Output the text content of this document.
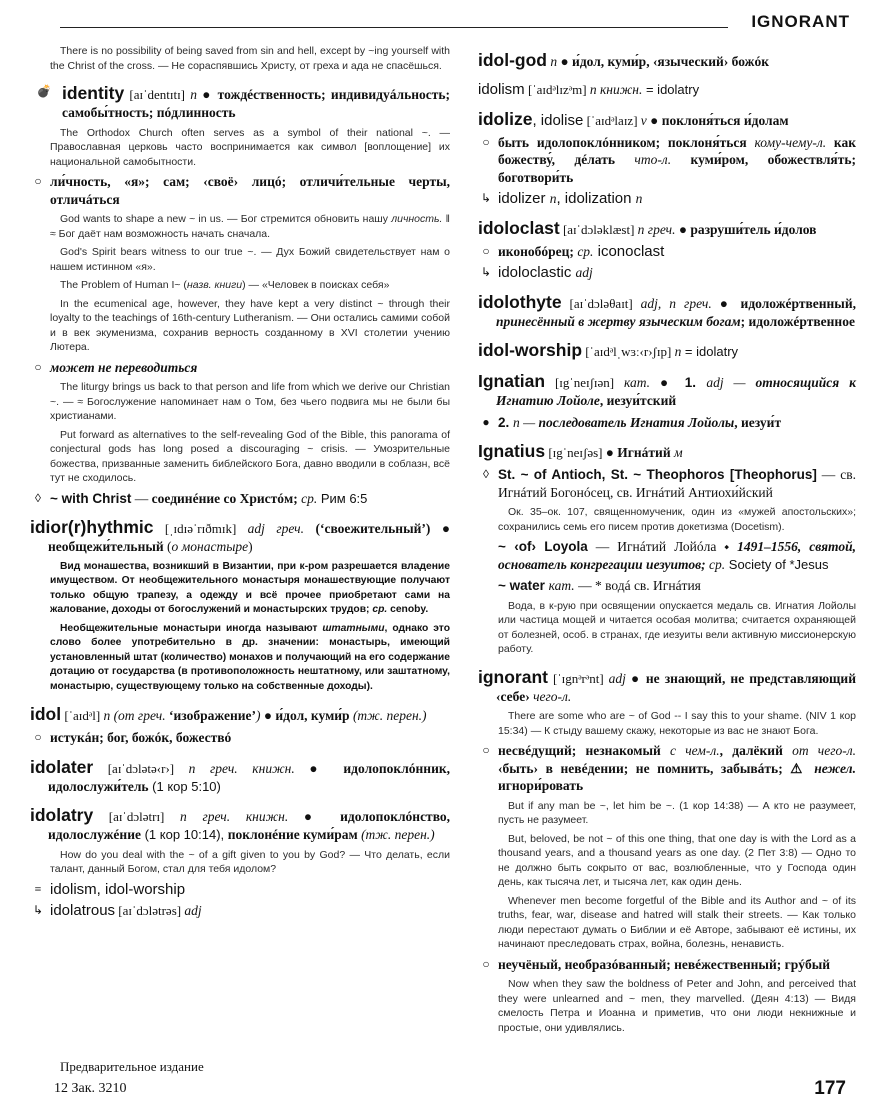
IGNORANT
There is no possibility of being saved from sin and hell, except by ~ing yourself with the Christ of the cross. — Не сораспявшись Христу, от греха и ада не спасёшься.
💣 identity [aɪˈdentɪtɪ] n ● тождéственность; индивидуáльность; самобы́тность; пóдлинность
The Orthodox Church often serves as a symbol of their national ~. — Православная церковь часто воспринимается как символ [воплощение] их национальной самобытности.
○ ли́чность, «я»; сам; ‹своё› лицó; отличи́тельные черты, отличáться
God wants to shape a new ~ in us. — Бог стремится обновить нашу личность. ‖ ≈ Бог даёт нам возможность начать сначала.
God's Spirit bears witness to our true ~. — Дух Божий свидетельствует нам о нашем истинном «я».
The Problem of Human I~ (назв. книги) — «Человек в поисках себя»
In the ecumenical age, however, they have kept a very distinct ~ through their loyalty to the teachings of 16th-century Lutheranism. — Они остались самими собой и в век экуменизма, сохранив верность созданному в XVI столетии учению Лютера.
○ может не переводиться
The liturgy brings us back to that person and life from which we derive our Christian ~. — ≈ Богослужение напоминает нам о Том, без чьего подвига мы не были бы христианами.
Put forward as alternatives to the self-revealing God of the Bible, this panorama of conjectural gods has long posed a discouraging ~ crisis. — Умозрительные божества, призванные заменить библейского Бога, давно вводили в соблазн, всё тут не сходилось.
◊ ~ with Christ — соединéние со Христóм; ср. Рим 6:5
idior(r)hythmic [ˌɪdɪəˈrɪðmɪk] adj греч. (‘своежительный’) ● необщежи́тельный (о монастыре)
Вид монашества, возникший в Византии, при к-ром разрешается владение имуществом. От необщежительного монастыря монашествующие получают только общую трапезу, а одежду и всё прочее приобретают сами на жалование, доходы от богослужений и монастырских трудов; ср. cenoby.
Необщежительные монастыри иногда называют штатными, однако это слово более употребительно в др. значении: монастырь, имеющий установленный штат (количество) монахов и получающий на его содержание дотацию от государства (в противоположность нештатному, или заштатному, монастырю, существующему только на собственные доходы).
idol [ˈaɪdᵊl] n (от греч. ‘изображение’) ● и́дол, куми́р (тж. перен.)
○ истукáн; бог, божóк, божествó
idolater [aɪˈdɔlətə‹r›] n греч. книжн. ● идолопоклóнник, идолослужи́тель (1 кор 5:10)
idolatry [aɪˈdɔlətrɪ] n греч. книжн. ● идолопоклóнство, идолослужéние (1 кор 10:14), поклонéние куми́рам (тж. перен.)
How do you deal with the ~ of a gift given to you by God? — Что делать, если талант, данный Богом, стал для тебя идолом?
≡ idolism, idol-worship
↳ idolatrous [aɪˈdɔlətrəs] adj
Предварительное издание
12 Зак. 3210
idol-god n ● и́дол, куми́р, ‹языческий› божóк
idolism [ˈaɪdᵊlɪzᵊm] n книжн. = idolatry
idolize, idolise [ˈaɪdᵊlaɪz] v ● поклоня́ться и́долам
○ быть идолопоклóнником; поклоня́ться кому-чему-л. как божеству́, дéлать что-л. куми́ром, обожествля́ть; боготвори́ть
↳ idolizer n, idolization n
idoloclast [aɪˈdɔləklæst] n греч. ● разруши́тель и́долов
○ иконобóрец; ср. iconoclast
↳ idoloclastic adj
idolothyte [aɪˈdɔləθaɪt] adj, n греч. ● идоложéртвенный, принесённый в жертву языческим богам; идоложéртвенное
idol-worship [ˈaɪdᵊlˌwɜː‹r›ʃɪp] n = idolatry
Ignatian [ɪgˈneɪʃɪən] кат. ● 1. adj — относящийся к Игнатию Лойоле, иезуи́тский
● 2. n — последователь Игнатия Лойолы, иезуи́т
Ignatius [ɪgˈneɪʃəs] ● Игнáтий м
◊ St. ~ of Antioch, St. ~ Theophoros [Theophorus] — св. Игнáтий Богонóсец, св. Игнáтий Антиохи́йский
Ок. 35–ок. 107, священномученик, один из «мужей апостольских»; сохранились семь его писем против докетизма (Docetism).
~ ‹of› Loyola — Игнáтий Лойóла ⬩ 1491–1556, святой, основатель конгрегации иезуитов; ср. Society of *Jesus
~ water кат. — * водá св. Игнáтия
Вода, в к-рую при освящении опускается медаль св. Игнатия Лойолы или частица мощей и читается особая молитва; считается охраняющей от болезней, особ. в странах, где иезуиты вели активную миссионерскую работу.
ignorant [ˈɪgnᵊrᵊnt] adj ● не знающий, не представляющий ‹себе› чего-л.
There are some who are ~ of God -- I say this to your shame. (NIV 1 кор 15:34) — К стыду вашему скажу, некоторые из вас не знают Бога.
○ несвéдущий; незнакомый с чем-л., далёкий от чего-л. ‹быть› в невéдении; не помнить, забывáть; ⚠ нежел. игнори́ровать
But if any man be ~, let him be ~. (1 кор 14:38) — А кто не разумеет, пусть не разумеет.
But, beloved, be not ~ of this one thing, that one day is with the Lord as a thousand years, and a thousand years as one day. (2 Пет 3:8) — Одно то не должно быть сокрыто от вас, возлюбленные, что у Господа один день, как тысяча лет, и тысяча лет, как один день.
Whenever men become forgetful of the Bible and its Author and ~ of its truths, fear, war, disease and hatred will stalk their streets. — Как только люди перестают думать о Библии и её Авторе, забывают её истины, их начинают преследовать страх, война, болезнь, ненависть.
○ неучёный, необразóванный; невéжественный; грýбый
Now when they saw the boldness of Peter and John, and perceived that they were unlearned and ~ men, they marvelled. (Деян 4:13) — Видя смелость Петра и Иоанна и приметив, что они люди некнижные и простые, они удивлялись.
177
